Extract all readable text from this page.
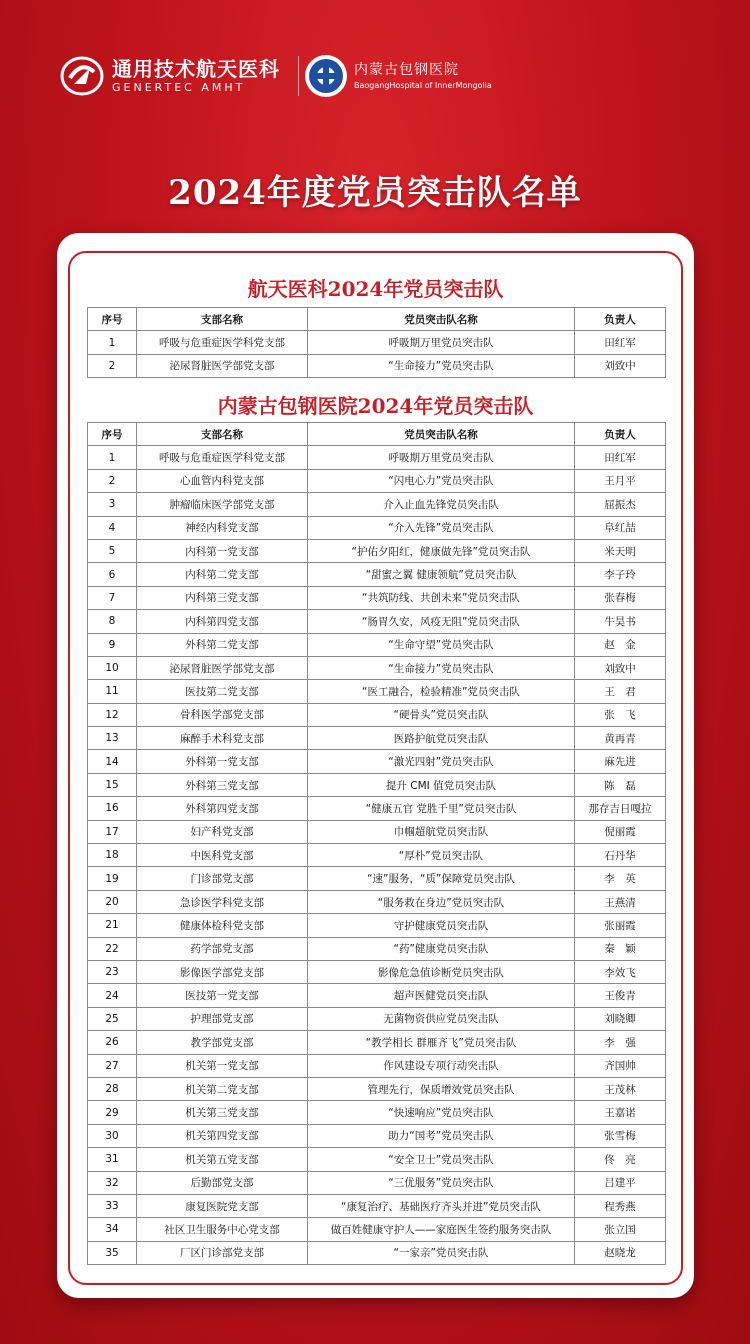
通用技术航天医科
GENERTEC AMHT
内蒙古包钢医院
BaogangHospital of InnerMongolia
2024年度党员突击队名单
航天医科2024年党员突击队
序号	支部名称	党员突击队名称	负责人
1	呼吸与危重症医学科党支部	呼吸期万里党员突击队	田红军
2	泌尿肾脏医学部党支部	“生命接力”党员突击队	刘致中
内蒙古包钢医院2024年党员突击队
序号	支部名称	党员突击队名称	负责人
1	呼吸与危重症医学科党支部	呼吸期万里党员突击队	田红军
2	心血管内科党支部	“闪电心力”党员突击队	王月平
3	肿瘤临床医学部党支部	介入止血先锋党员突击队	屈振杰
4	神经内科党支部	“介入先锋”党员突击队	阜红喆
5	内科第一党支部	“护佑夕阳红，健康做先锋”党员突击队	米天明
6	内科第二党支部	“甜蜜之翼 健康领航”党员突击队	李子玲
7	内科第三党支部	“共筑防线、共创未来”党员突击队	张春梅
8	内科第四党支部	“肠胃久安，风疫无阻”党员突击队	牛昊书
9	外科第二党支部	“生命守望”党员突击队	赵　金
10	泌尿肾脏医学部党支部	“生命接力”党员突击队	刘致中
11	医技第二党支部	“医工融合，检验精准”党员突击队	王　君
12	骨科医学部党支部	“硬骨头”党员突击队	张　飞
13	麻醉手术科党支部	医路护航党员突击队	黄再青
14	外科第一党支部	“激光四射”党员突击队	麻先进
15	外科第三党支部	提升 CMI 值党员突击队	陈　磊
16	外科第四党支部	“健康五官 党胜千里”党员突击队	那存吉日嘎拉
17	妇产科党支部	巾帼超航党员突击队	倪丽霞
18	中医科党支部	“厚朴”党员突击队	石丹华
19	门诊部党支部	“速”服务，“质”保障党员突击队	李　英
20	急诊医学科党支部	“服务救在身边”党员突击队	王燕清
21	健康体检科党支部	守护健康党员突击队	张丽霞
22	药学部党支部	“药”健康党员突击队	秦　颖
23	影像医学部党支部	影像危急值诊断党员突击队	李效飞
24	医技第一党支部	超声医健党员突击队	王俊青
25	护理部党支部	无菌物资供应党员突击队	刘晓卿
26	教学部党支部	“教学相长 群雁齐飞”党员突击队	李　强
27	机关第一党支部	作风建设专项行动突击队	齐国帅
28	机关第二党支部	管理先行，保质增效党员突击队	王茂林
29	机关第三党支部	“快速响应”党员突击队	王嘉诺
30	机关第四党支部	助力“国考”党员突击队	张雪梅
31	机关第五党支部	“安全卫士”党员突击队	佟　亮
32	后勤部党支部	“三优服务”党员突击队	吕建平
33	康复医院党支部	“康复治疗、基础医疗齐头并进”党员突击队	程秀燕
34	社区卫生服务中心党支部	做百姓健康守护人——家庭医生签约服务突击队	张立国
35	厂区门诊部党支部	“一家亲”党员突击队	赵晓龙
